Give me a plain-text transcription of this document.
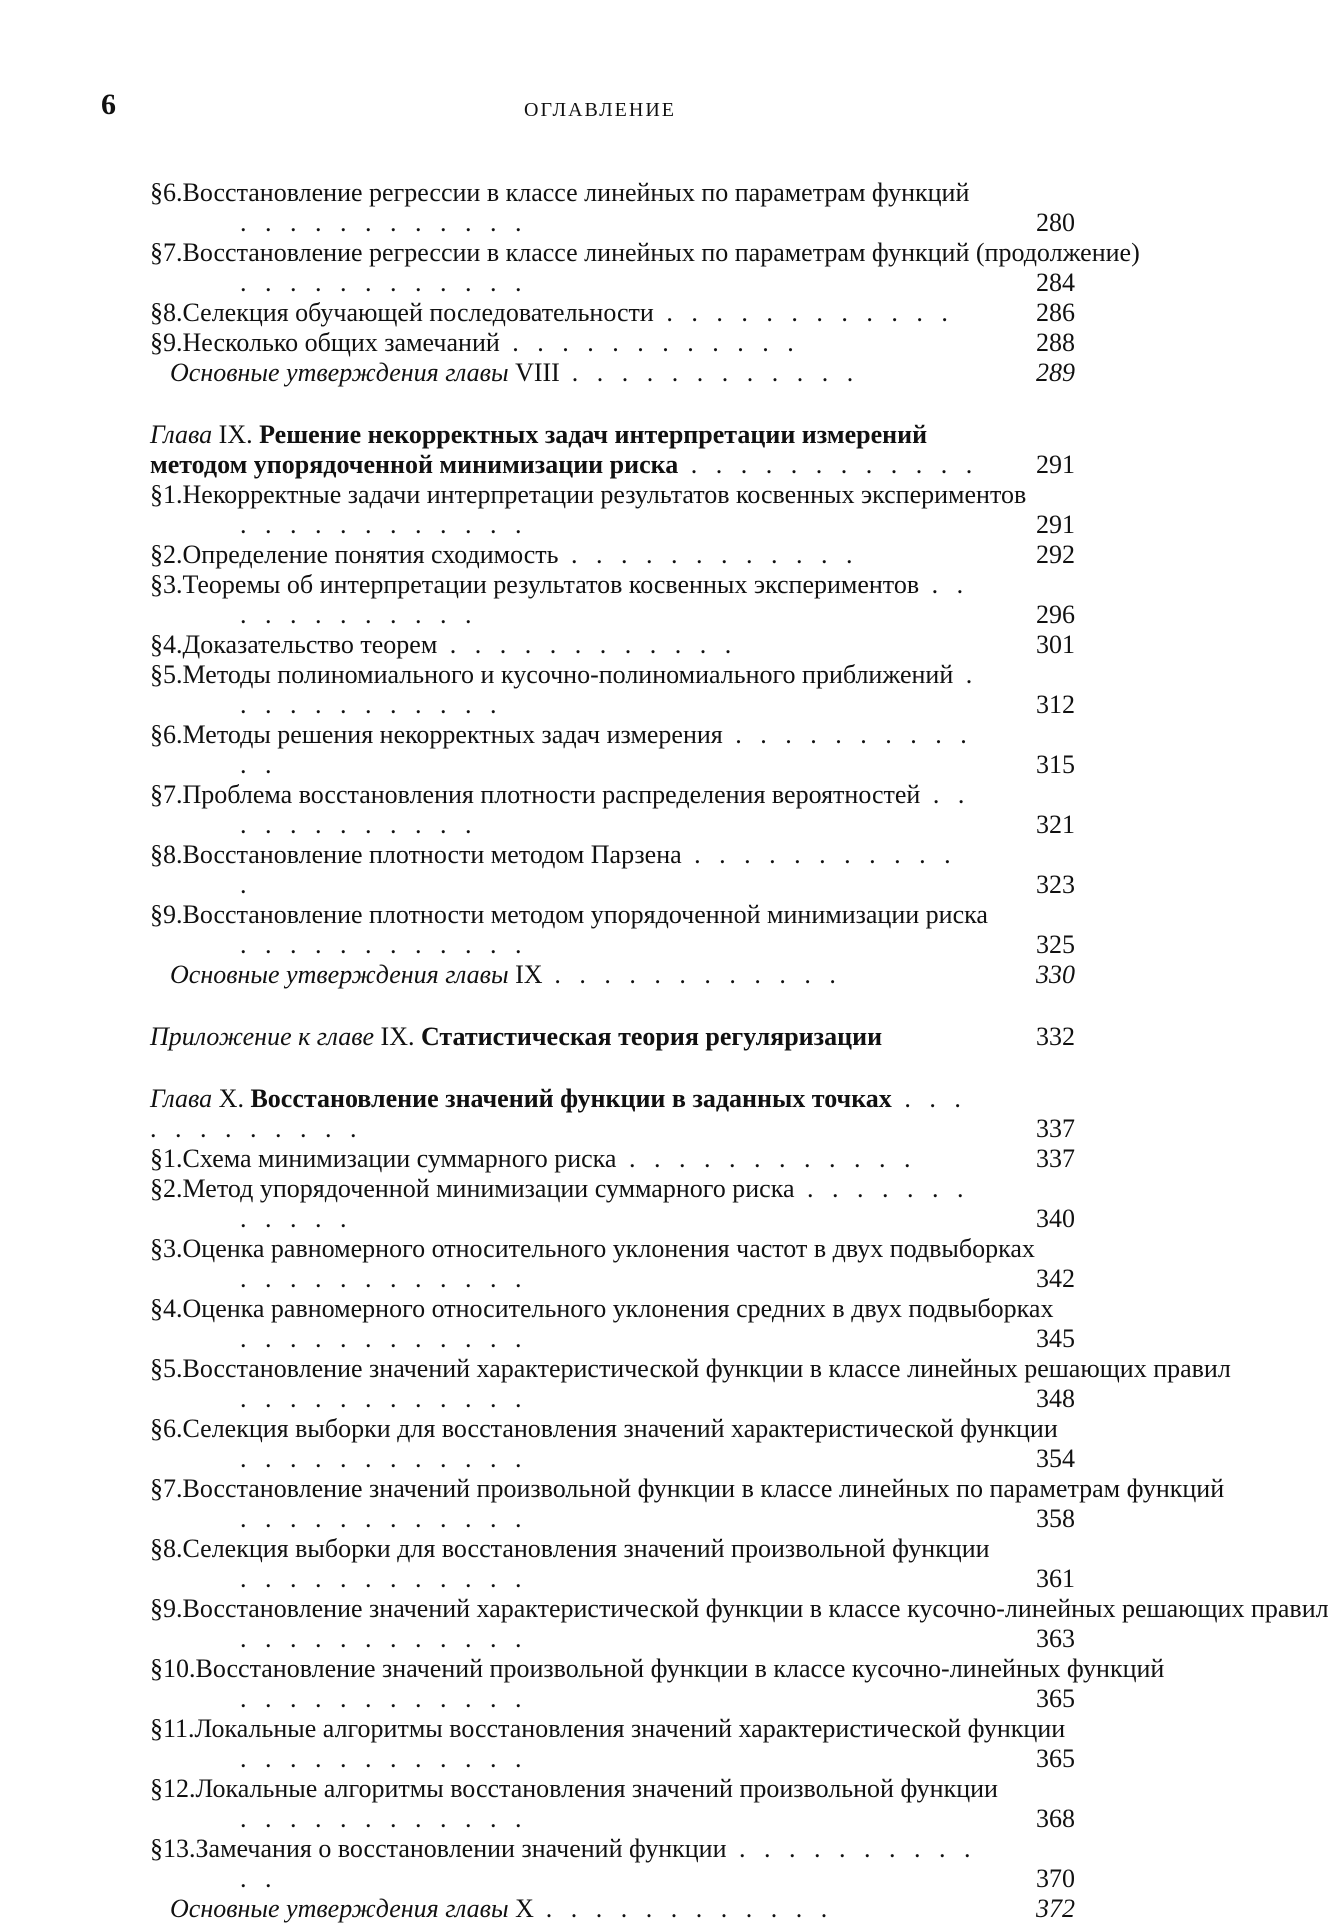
6	ОГЛАВЛЕНИЕ
§6.Восстановление регрессии в классе линейных по параметрам функций . . . . . . . . . . . .	280
§7.Восстановление регрессии в классе линейных по параметрам функций (продолжение) . . . . . . . . . . . .	284
§8.Селекция обучающей последовательности . . . . . . . . . . . .	286
§9.Несколько общих замечаний . . . . . . . . . . . .	288
Основные утверждения главы VIII . . . . . . . . . . . .	289
Глава IX. Решение некорректных задач интерпретации измерений методом упорядоченной минимизации риска . . . . . . . . . . . .	291
§1.Некорректные задачи интерпретации результатов косвенных экспериментов . . . . . . . . . . . .	291
§2.Определение понятия сходимость . . . . . . . . . . . .	292
§3.Теоремы об интерпретации результатов косвенных экспериментов . . . . . . . . . . . .	296
§4.Доказательство теорем . . . . . . . . . . . .	301
§5.Методы полиномиального и кусочно-полиномиального приближений . . . . . . . . . . . .	312
§6.Методы решения некорректных задач измерения . . . . . . . . . . . .	315
§7.Проблема восстановления плотности распределения вероятностей . . . . . . . . . . . .	321
§8.Восстановление плотности методом Парзена . . . . . . . . . . . .	323
§9.Восстановление плотности методом упорядоченной минимизации риска . . . . . . . . . . . .	325
Основные утверждения главы IX . . . . . . . . . . . .	330
Приложение к главе IX. Статистическая теория регуляризации	332
Глава X. Восстановление значений функции в заданных точках . . . . . . . . . . . .	337
§1.Схема минимизации суммарного риска . . . . . . . . . . . .	337
§2.Метод упорядоченной минимизации суммарного риска . . . . . . . . . . . .	340
§3.Оценка равномерного относительного уклонения частот в двух подвыборках . . . . . . . . . . . .	342
§4.Оценка равномерного относительного уклонения средних в двух подвыборках . . . . . . . . . . . .	345
§5.Восстановление значений характеристической функции в классе линейных решающих правил . . . . . . . . . . . .	348
§6.Селекция выборки для восстановления значений характеристической функции . . . . . . . . . . . .	354
§7.Восстановление значений произвольной функции в классе линейных по параметрам функций . . . . . . . . . . . .	358
§8.Селекция выборки для восстановления значений произвольной функции . . . . . . . . . . . .	361
§9.Восстановление значений характеристической функции в классе кусочно-линейных решающих правил . . . . . . . . . . . .	363
§10.Восстановление значений произвольной функции в классе кусочно-линейных функций . . . . . . . . . . . .	365
§11.Локальные алгоритмы восстановления значений характеристической функции . . . . . . . . . . . .	365
§12.Локальные алгоритмы восстановления значений произвольной функции . . . . . . . . . . . .	368
§13.Замечания о восстановлении значений функции . . . . . . . . . . . .	370
Основные утверждения главы X . . . . . . . . . . . .	372
